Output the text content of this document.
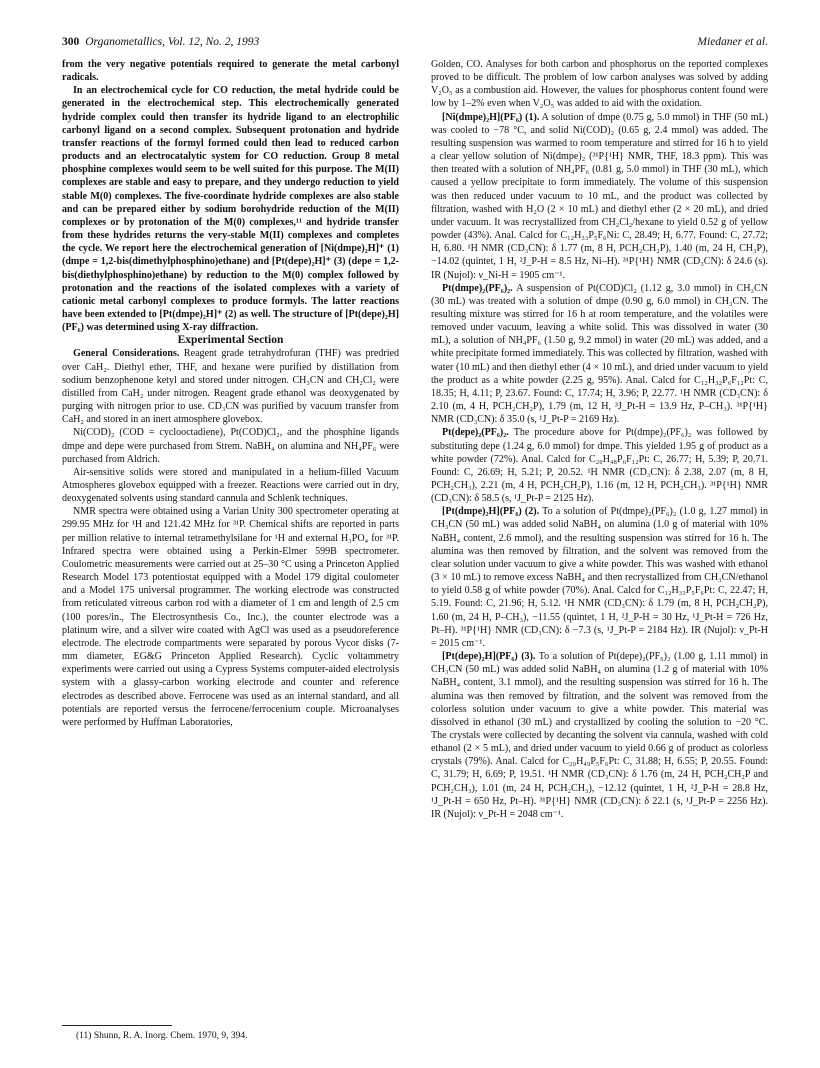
300 Organometallics, Vol. 12, No. 2, 1993	Miedaner et al.

from the very negative potentials required to generate the metal carbonyl radicals.

In an electrochemical cycle for CO reduction, the metal hydride could be generated in the electrochemical step. This electrochemically generated hydride complex could then transfer its hydride ligand to an electrophilic carbonyl ligand on a second complex. Subsequent protonation and hydride transfer reactions of the formyl formed could then lead to reduced carbon products and an electrocatalytic system for CO reduction. Group 8 metal phosphine complexes would seem to be well suited for this purpose. The M(II) complexes are stable and easy to prepare, and they undergo reduction to yield stable M(0) complexes. The five-coordinate hydride complexes are also stable and can be prepared either by sodium borohydride reduction of the M(II) complexes or by protonation of the M(0) complexes,¹¹ and hydride transfer from these hydrides returns the very-stable M(II) complexes and completes the cycle. We report here the electrochemical generation of [Ni(dmpe)₂H]⁺ (1) (dmpe = 1,2-bis(dimethylphosphino)ethane) and [Pt(depe)₂H]⁺ (3) (depe = 1,2-bis(diethylphosphino)ethane) by reduction to the M(0) complex followed by protonation and the reactions of the isolated complexes with a variety of cationic metal carbonyl complexes to produce formyls. The latter reactions have been extended to [Pt(dmpe)₂H]⁺ (2) as well. The structure of [Pt(depe)₂H](PF₆) was determined using X-ray diffraction.

Experimental Section

General Considerations. Reagent grade tetrahydrofuran (THF) was predried over CaH₂. Diethyl ether, THF, and hexane were purified by distillation from sodium benzophenone ketyl and stored under nitrogen. CH₃CN and CH₂Cl₂ were distilled from CaH₂ under nitrogen. Reagent grade ethanol was deoxygenated by purging with nitrogen prior to use. CD₃CN was purified by vacuum transfer from CaH₂ and stored in an inert atmosphere glovebox.

Ni(COD)₂ (COD = cyclooctadiene), Pt(COD)Cl₂, and the phosphine ligands dmpe and depe were purchased from Strem. NaBH₄ on alumina and NH₄PF₆ were purchased from Aldrich.

Air-sensitive solids were stored and manipulated in a helium-filled Vacuum Atmospheres glovebox equipped with a freezer. Reactions were carried out in dry, deoxygenated solvents using standard cannula and Schlenk techniques.

NMR spectra were obtained using a Varian Unity 300 spectrometer operating at 299.95 MHz for ¹H and 121.42 MHz for ³¹P. Chemical shifts are reported in parts per million relative to internal tetramethylsilane for ¹H and external H₃PO₄ for ³¹P. Infrared spectra were obtained using a Perkin-Elmer 599B spectrometer. Coulometric measurements were carried out at 25–30 °C using a Princeton Applied Research Model 173 potentiostat equipped with a Model 179 digital coulometer and a Model 175 universal programmer. The working electrode was constructed from reticulated vitreous carbon rod with a diameter of 1 cm and length of 2.5 cm (100 pores/in., The Electrosynthesis Co., Inc.), the counter electrode was a platinum wire, and a silver wire coated with AgCl was used as a pseudoreference electrode. The electrode compartments were separated by porous Vycor disks (7-mm diameter, EG&G Princeton Applied Research). Cyclic voltammetry experiments were carried out using a Cypress Systems computer-aided electrolysis system with a glassy-carbon working electrode and counter and reference electrodes as described above. Ferrocene was used as an internal standard, and all potentials are reported versus the ferrocene/ferrocenium couple. Microanalyses were performed by Huffman Laboratories,

Golden, CO. Analyses for both carbon and phosphorus on the reported complexes proved to be difficult. The problem of low carbon analyses was solved by adding V₂O₅ as a combustion aid. However, the values for phosphorus content found were low by 1–2% even when V₂O₅ was added to aid with the oxidation.

[Ni(dmpe)₂H](PF₆) (1). A solution of dmpe (0.75 g, 5.0 mmol) in THF (50 mL) was cooled to −78 °C, and solid Ni(COD)₂ (0.65 g, 2.4 mmol) was added. The resulting suspension was warmed to room temperature and stirred for 16 h to yield a clear yellow solution of Ni(dmpe)₂ (³¹P{¹H} NMR, THF, 18.3 ppm). This was then treated with a solution of NH₄PF₆ (0.81 g, 5.0 mmol) in THF (30 mL), which caused a yellow precipitate to form immediately. The volume of this suspension was then reduced under vacuum to 10 mL, and the product was collected by filtration, washed with H₂O (2 × 10 mL) and diethyl ether (2 × 20 mL), and dried under vacuum. It was recrystallized from CH₂Cl₂/hexane to yield 0.52 g of yellow powder (43%). Anal. Calcd for C₁₂H₃₃P₅F₆Ni: C, 28.49; H, 6.77. Found: C, 27.72; H, 6.80. ¹H NMR (CD₃CN): δ 1.77 (m, 8 H, PCH₂CH₂P), 1.40 (m, 24 H, CH₃P), −14.02 (quintet, 1 H, ²J_P-H = 8.5 Hz, Ni–H). ³¹P{¹H} NMR (CD₃CN): δ 24.6 (s). IR (Nujol): ν_Ni-H = 1905 cm⁻¹.

Pt(dmpe)₂(PF₆)₂. A suspension of Pt(COD)Cl₂ (1.12 g, 3.0 mmol) in CH₃CN (30 mL) was treated with a solution of dmpe (0.90 g, 6.0 mmol) in CH₃CN. The resulting mixture was stirred for 16 h at room temperature, and the volatiles were removed under vacuum, leaving a white solid. This was dissolved in water (30 mL), a solution of NH₄PF₆ (1.50 g, 9.2 mmol) in water (20 mL) was added, and a white precipitate formed immediately. This was collected by filtration, washed with water (10 mL) and then diethyl ether (4 × 10 mL), and dried under vacuum to yield the product as a white powder (2.25 g, 95%). Anal. Calcd for C₁₂H₃₂P₆F₁₂Pt: C, 18.35; H, 4.11; P, 23.67. Found: C, 17.74; H, 3.96; P, 22.77. ¹H NMR (CD₃CN): δ 2.10 (m, 4 H, PCH₂CH₂P), 1.79 (m, 12 H, ³J_Pt-H = 13.9 Hz, P–CH₃). ³¹P{¹H} NMR (CD₃CN): δ 35.0 (s, ¹J_Pt-P = 2169 Hz).

Pt(depe)₂(PF₆)₂. The procedure above for Pt(dmpe)₂(PF₆)₂ was followed by substituting depe (1.24 g, 6.0 mmol) for dmpe. This yielded 1.95 g of product as a white powder (72%). Anal. Calcd for C₂₀H₄₈P₆F₁₂Pt: C, 26.77; H, 5.39; P, 20.71. Found: C, 26.69; H, 5.21; P, 20.52. ¹H NMR (CD₃CN): δ 2.38, 2.07 (m, 8 H, PCH₂CH₃), 2.21 (m, 4 H, PCH₂CH₂P), 1.16 (m, 12 H, PCH₂CH₃). ³¹P{¹H} NMR (CD₃CN): δ 58.5 (s, ¹J_Pt-P = 2125 Hz).

[Pt(dmpe)₂H](PF₆) (2). To a solution of Pt(dmpe)₂(PF₆)₂ (1.0 g, 1.27 mmol) in CH₃CN (50 mL) was added solid NaBH₄ on alumina (1.0 g of material with 10% NaBH₄ content, 2.6 mmol), and the resulting suspension was stirred for 16 h. The alumina was then removed by filtration, and the solvent was removed from the clear solution under vacuum to give a white powder. This was washed with ethanol (3 × 10 mL) to remove excess NaBH₄ and then recrystallized from CH₃CN/ethanol to yield 0.58 g of white powder (70%). Anal. Calcd for C₁₂H₃₃P₅F₆Pt: C, 22.47; H, 5.19. Found: C, 21.96; H, 5.12. ¹H NMR (CD₃CN): δ 1.79 (m, 8 H, PCH₂CH₂P), 1.60 (m, 24 H, P–CH₃), −11.55 (quintet, 1 H, ²J_P-H = 30 Hz, ¹J_Pt-H = 726 Hz, Pt–H). ³¹P{¹H} NMR (CD₃CN): δ −7.3 (s, ¹J_Pt-P = 2184 Hz). IR (Nujol): ν_Pt-H = 2015 cm⁻¹.

[Pt(depe)₂H](PF₆) (3). To a solution of Pt(depe)₂(PF₆)₂ (1.00 g, 1.11 mmol) in CH₃CN (50 mL) was added solid NaBH₄ on alumina (1.2 g of material with 10% NaBH₄ content, 3.1 mmol), and the resulting suspension was stirred for 16 h. The alumina was then removed by filtration, and the solvent was removed from the colorless solution under vacuum to give a white powder. This material was dissolved in ethanol (30 mL) and crystallized by cooling the solution to −20 °C. The crystals were collected by decanting the solvent via cannula, washed with cold ethanol (2 × 5 mL), and dried under vacuum to yield 0.66 g of product as colorless crystals (79%). Anal. Calcd for C₂₀H₄₉P₅F₆Pt: C, 31.88; H, 6.55; P, 20.55. Found: C, 31.79; H, 6.69; P, 19.51. ¹H NMR (CD₃CN): δ 1.76 (m, 24 H, PCH₂CH₂P and PCH₂CH₃), 1.01 (m, 24 H, PCH₂CH₃), −12.12 (quintet, 1 H, ²J_P-H = 28.8 Hz, ¹J_Pt-H = 650 Hz, Pt–H). ³¹P{¹H} NMR (CD₃CN): δ 22.1 (s, ¹J_Pt-P = 2256 Hz). IR (Nujol): ν_Pt-H = 2048 cm⁻¹.

(11) Shunn, R. A. Inorg. Chem. 1970, 9, 394.
